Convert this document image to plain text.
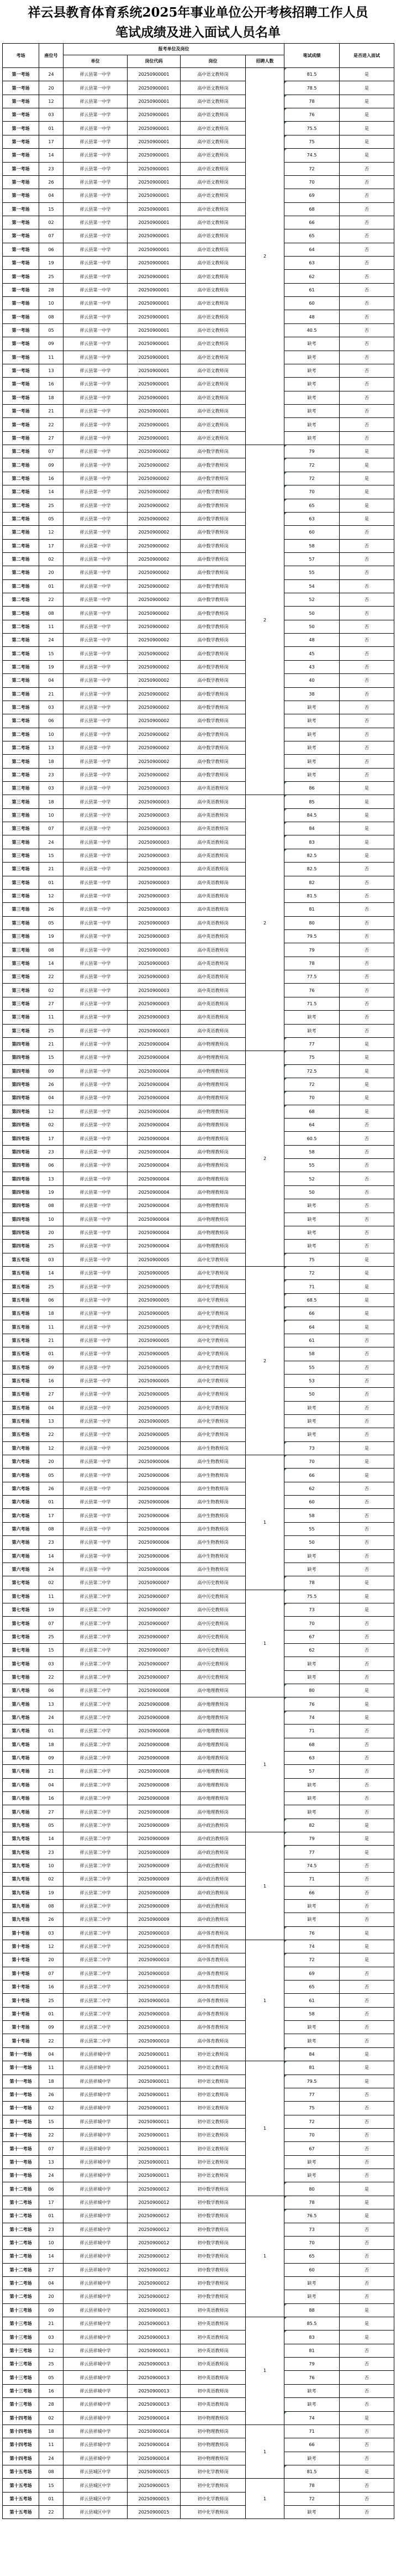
祥云县教育体育系统2025年事业单位公开考核招聘工作人员
笔试成绩及进入面试人员名单
考场	座位号	报考单位及岗位				笔试成绩	是否进入面试
		单位	岗位代码	岗位	招聘人数		
第一考场	24	祥云县第一中学	20250900001	高中语文教师岗	2	81.5	是
第一考场	20	祥云县第一中学	20250900001	高中语文教师岗		78.5	是
第一考场	12	祥云县第一中学	20250900001	高中语文教师岗		78	是
第一考场	03	祥云县第一中学	20250900001	高中语文教师岗		76	是
第一考场	01	祥云县第一中学	20250900001	高中语文教师岗		75.5	是
第一考场	17	祥云县第一中学	20250900001	高中语文教师岗		75	是
第一考场	14	祥云县第一中学	20250900001	高中语文教师岗		74.5	是
第一考场	23	祥云县第一中学	20250900001	高中语文教师岗		72	否
第一考场	26	祥云县第一中学	20250900001	高中语文教师岗		70	否
第一考场	04	祥云县第一中学	20250900001	高中语文教师岗		69	否
第一考场	15	祥云县第一中学	20250900001	高中语文教师岗		68	否
第一考场	02	祥云县第一中学	20250900001	高中语文教师岗		66	否
第一考场	07	祥云县第一中学	20250900001	高中语文教师岗		65	否
第一考场	06	祥云县第一中学	20250900001	高中语文教师岗		64	否
第一考场	19	祥云县第一中学	20250900001	高中语文教师岗		63	否
第一考场	25	祥云县第一中学	20250900001	高中语文教师岗		62	否
第一考场	28	祥云县第一中学	20250900001	高中语文教师岗		61	否
第一考场	10	祥云县第一中学	20250900001	高中语文教师岗		60	否
第一考场	08	祥云县第一中学	20250900001	高中语文教师岗		48	否
第一考场	05	祥云县第一中学	20250900001	高中语文教师岗		40.5	否
第一考场	09	祥云县第一中学	20250900001	高中语文教师岗		缺考	否
第一考场	11	祥云县第一中学	20250900001	高中语文教师岗		缺考	否
第一考场	13	祥云县第一中学	20250900001	高中语文教师岗		缺考	否
第一考场	16	祥云县第一中学	20250900001	高中语文教师岗		缺考	否
第一考场	18	祥云县第一中学	20250900001	高中语文教师岗		缺考	否
第一考场	21	祥云县第一中学	20250900001	高中语文教师岗		缺考	否
第一考场	22	祥云县第一中学	20250900001	高中语文教师岗		缺考	否
第一考场	27	祥云县第一中学	20250900001	高中语文教师岗		缺考	否
第二考场	07	祥云县第一中学	20250900002	高中数学教师岗	2	79	是
第二考场	09	祥云县第一中学	20250900002	高中数学教师岗		72	是
第二考场	16	祥云县第一中学	20250900002	高中数学教师岗		72	是
第二考场	14	祥云县第一中学	20250900002	高中数学教师岗		70	是
第二考场	25	祥云县第一中学	20250900002	高中数学教师岗		65	是
第二考场	05	祥云县第一中学	20250900002	高中数学教师岗		63	是
第二考场	12	祥云县第一中学	20250900002	高中数学教师岗		60	否
第二考场	17	祥云县第一中学	20250900002	高中数学教师岗		58	否
第二考场	02	祥云县第一中学	20250900002	高中数学教师岗		57	否
第二考场	20	祥云县第一中学	20250900002	高中数学教师岗		55	否
第二考场	01	祥云县第一中学	20250900002	高中数学教师岗		54	否
第二考场	22	祥云县第一中学	20250900002	高中数学教师岗		52	否
第二考场	08	祥云县第一中学	20250900002	高中数学教师岗		50	否
第二考场	11	祥云县第一中学	20250900002	高中数学教师岗		50	否
第二考场	24	祥云县第一中学	20250900002	高中数学教师岗		48	否
第二考场	15	祥云县第一中学	20250900002	高中数学教师岗		45	否
第二考场	19	祥云县第一中学	20250900002	高中数学教师岗		43	否
第二考场	04	祥云县第一中学	20250900002	高中数学教师岗		40	否
第二考场	21	祥云县第一中学	20250900002	高中数学教师岗		38	否
第二考场	03	祥云县第一中学	20250900002	高中数学教师岗		缺考	否
第二考场	06	祥云县第一中学	20250900002	高中数学教师岗		缺考	否
第二考场	10	祥云县第一中学	20250900002	高中数学教师岗		缺考	否
第二考场	13	祥云县第一中学	20250900002	高中数学教师岗		缺考	否
第二考场	18	祥云县第一中学	20250900002	高中数学教师岗		缺考	否
第二考场	23	祥云县第一中学	20250900002	高中数学教师岗		缺考	否
第三考场	03	祥云县第一中学	20250900003	高中英语教师岗		86	是
第三考场	18	祥云县第一中学	20250900003	高中英语教师岗	2	85	是
第三考场	10	祥云县第一中学	20250900003	高中英语教师岗		84.5	是
第三考场	07	祥云县第一中学	20250900003	高中英语教师岗		84	是
第三考场	24	祥云县第一中学	20250900003	高中英语教师岗		83	是
第三考场	15	祥云县第一中学	20250900003	高中英语教师岗		82.5	是
第三考场	21	祥云县第一中学	20250900003	高中英语教师岗		82.5	否
第三考场	01	祥云县第一中学	20250900003	高中英语教师岗		82	否
第三考场	12	祥云县第一中学	20250900003	高中英语教师岗		81.5	否
第三考场	26	祥云县第一中学	20250900003	高中英语教师岗		81	否
第三考场	05	祥云县第一中学	20250900003	高中英语教师岗		80	否
第三考场	19	祥云县第一中学	20250900003	高中英语教师岗		79.5	否
第三考场	08	祥云县第一中学	20250900003	高中英语教师岗		79	否
第三考场	14	祥云县第一中学	20250900003	高中英语教师岗		78	否
第三考场	22	祥云县第一中学	20250900003	高中英语教师岗		77.5	否
第三考场	02	祥云县第一中学	20250900003	高中英语教师岗		76	否
第三考场	27	祥云县第一中学	20250900003	高中英语教师岗		71.5	否
第三考场	11	祥云县第一中学	20250900003	高中英语教师岗		缺考	否
第三考场	25	祥云县第一中学	20250900003	高中英语教师岗		缺考	否
第四考场	21	祥云县第一中学	20250900004	高中物理教师岗		77	是
第四考场	15	祥云县第一中学	20250900004	高中物理教师岗	2	75	是
第四考场	09	祥云县第一中学	20250900004	高中物理教师岗		72.5	是
第四考场	26	祥云县第一中学	20250900004	高中物理教师岗		72	是
第四考场	04	祥云县第一中学	20250900004	高中物理教师岗		70	是
第四考场	12	祥云县第一中学	20250900004	高中物理教师岗		68	是
第四考场	02	祥云县第一中学	20250900004	高中物理教师岗		64	否
第四考场	17	祥云县第一中学	20250900004	高中物理教师岗		60.5	否
第四考场	23	祥云县第一中学	20250900004	高中物理教师岗		58	否
第四考场	06	祥云县第一中学	20250900004	高中物理教师岗		55	否
第四考场	13	祥云县第一中学	20250900004	高中物理教师岗		52	否
第四考场	19	祥云县第一中学	20250900004	高中物理教师岗		50	否
第四考场	08	祥云县第一中学	20250900004	高中物理教师岗		缺考	否
第四考场	10	祥云县第一中学	20250900004	高中物理教师岗		缺考	否
第四考场	20	祥云县第一中学	20250900004	高中物理教师岗		缺考	否
第四考场	25	祥云县第一中学	20250900004	高中物理教师岗		缺考	否
第五考场	03	祥云县第一中学	20250900005	高中化学教师岗		75	是
第五考场	14	祥云县第一中学	20250900005	高中化学教师岗	2	72	是
第五考场	25	祥云县第一中学	20250900005	高中化学教师岗		71	是
第五考场	06	祥云县第一中学	20250900005	高中化学教师岗		68.5	是
第五考场	18	祥云县第一中学	20250900005	高中化学教师岗		66	是
第五考场	11	祥云县第一中学	20250900005	高中化学教师岗		64	是
第五考场	21	祥云县第一中学	20250900005	高中化学教师岗		61	否
第五考场	01	祥云县第一中学	20250900005	高中化学教师岗		58	否
第五考场	09	祥云县第一中学	20250900005	高中化学教师岗		55	否
第五考场	16	祥云县第一中学	20250900005	高中化学教师岗		53	否
第五考场	27	祥云县第一中学	20250900005	高中化学教师岗		50	否
第五考场	04	祥云县第一中学	20250900005	高中化学教师岗		缺考	否
第五考场	13	祥云县第一中学	20250900005	高中化学教师岗		缺考	否
第五考场	22	祥云县第一中学	20250900005	高中化学教师岗		缺考	否
第六考场	12	祥云县第一中学	20250900006	高中生物教师岗		73	是
第六考场	20	祥云县第一中学	20250900006	高中生物教师岗	1	70	是
第六考场	05	祥云县第一中学	20250900006	高中生物教师岗		66	是
第六考场	26	祥云县第一中学	20250900006	高中生物教师岗		62	否
第六考场	01	祥云县第一中学	20250900006	高中生物教师岗		60	否
第六考场	17	祥云县第一中学	20250900006	高中生物教师岗		58	否
第六考场	08	祥云县第一中学	20250900006	高中生物教师岗		55	否
第六考场	23	祥云县第一中学	20250900006	高中生物教师岗		50	否
第六考场	14	祥云县第一中学	20250900006	高中生物教师岗		缺考	否
第六考场	24	祥云县第一中学	20250900006	高中生物教师岗		缺考	否
第七考场	02	祥云县第二中学	20250900007	高中历史教师岗		78	是
第七考场	11	祥云县第二中学	20250900007	高中历史教师岗	1	75.5	是
第七考场	19	祥云县第二中学	20250900007	高中历史教师岗		73	是
第七考场	07	祥云县第二中学	20250900007	高中历史教师岗		70	否
第七考场	25	祥云县第二中学	20250900007	高中历史教师岗		67	否
第七考场	15	祥云县第二中学	20250900007	高中历史教师岗		62	否
第七考场	03	祥云县第二中学	20250900007	高中历史教师岗		缺考	否
第七考场	22	祥云县第二中学	20250900007	高中历史教师岗		缺考	否
第八考场	06	祥云县第二中学	20250900008	高中地理教师岗		80	是
第八考场	13	祥云县第二中学	20250900008	高中地理教师岗	1	76	是
第八考场	24	祥云县第二中学	20250900008	高中地理教师岗		74	是
第八考场	01	祥云县第二中学	20250900008	高中地理教师岗		71	否
第八考场	18	祥云县第二中学	20250900008	高中地理教师岗		68	否
第八考场	09	祥云县第二中学	20250900008	高中地理教师岗		63	否
第八考场	21	祥云县第二中学	20250900008	高中地理教师岗		57	否
第八考场	04	祥云县第二中学	20250900008	高中地理教师岗		缺考	否
第八考场	16	祥云县第二中学	20250900008	高中地理教师岗		缺考	否
第八考场	27	祥云县第二中学	20250900008	高中地理教师岗		缺考	否
第九考场	05	祥云县第二中学	20250900009	高中政治教师岗		82	是
第九考场	14	祥云县第二中学	20250900009	高中政治教师岗	1	79	是
第九考场	23	祥云县第二中学	20250900009	高中政治教师岗		77	是
第九考场	10	祥云县第二中学	20250900009	高中政治教师岗		74.5	否
第九考场	02	祥云县第二中学	20250900009	高中政治教师岗		71	否
第九考场	19	祥云县第二中学	20250900009	高中政治教师岗		66	否
第九考场	08	祥云县第二中学	20250900009	高中政治教师岗		缺考	否
第九考场	26	祥云县第二中学	20250900009	高中政治教师岗		缺考	否
第十考场	03	祥云县第二中学	20250900010	高中体育教师岗		76	是
第十考场	12	祥云县第二中学	20250900010	高中体育教师岗	1	74	是
第十考场	20	祥云县第二中学	20250900010	高中体育教师岗		72	是
第十考场	07	祥云县第二中学	20250900010	高中体育教师岗		69	否
第十考场	16	祥云县第二中学	20250900010	高中体育教师岗		65	否
第十考场	25	祥云县第二中学	20250900010	高中体育教师岗		61	否
第十考场	01	祥云县第二中学	20250900010	高中体育教师岗		58	否
第十考场	09	祥云县第二中学	20250900010	高中体育教师岗		缺考	否
第十考场	22	祥云县第二中学	20250900010	高中体育教师岗		缺考	否
第十一考场	04	祥云县祥城中学	20250900011	初中语文教师岗		84	是
第十一考场	11	祥云县祥城中学	20250900011	初中语文教师岗	1	81	是
第十一考场	18	祥云县祥城中学	20250900011	初中语文教师岗		79.5	是
第十一考场	26	祥云县祥城中学	20250900011	初中语文教师岗		77	否
第十一考场	02	祥云县祥城中学	20250900011	初中语文教师岗		75	否
第十一考场	15	祥云县祥城中学	20250900011	初中语文教师岗		72	否
第十一考场	22	祥云县祥城中学	20250900011	初中语文教师岗		70	否
第十一考场	07	祥云县祥城中学	20250900011	初中语文教师岗		67	否
第十一考场	13	祥云县祥城中学	20250900011	初中语文教师岗		缺考	否
第十一考场	24	祥云县祥城中学	20250900011	初中语文教师岗		缺考	否
第十二考场	06	祥云县祥城中学	20250900012	初中数学教师岗		80	是
第十二考场	17	祥云县祥城中学	20250900012	初中数学教师岗	1	78	是
第十二考场	01	祥云县祥城中学	20250900012	初中数学教师岗		76.5	是
第十二考场	23	祥云县祥城中学	20250900012	初中数学教师岗		73	否
第十二考场	10	祥云县祥城中学	20250900012	初中数学教师岗		70	否
第十二考场	14	祥云县祥城中学	20250900012	初中数学教师岗		65	否
第十二考场	27	祥云县祥城中学	20250900012	初中数学教师岗		60	否
第十二考场	04	祥云县祥城中学	20250900012	初中数学教师岗		缺考	否
第十二考场	20	祥云县祥城中学	20250900012	初中数学教师岗		缺考	否
第十三考场	09	祥云县祥城中学	20250900013	初中英语教师岗		88	是
第十三考场	21	祥云县祥城中学	20250900013	初中英语教师岗	1	85.5	是
第十三考场	03	祥云县祥城中学	20250900013	初中英语教师岗		83	是
第十三考场	12	祥云县祥城中学	20250900013	初中英语教师岗		81	否
第十三考场	25	祥云县祥城中学	20250900013	初中英语教师岗		79	否
第十三考场	05	祥云县祥城中学	20250900013	初中英语教师岗		76	否
第十三考场	16	祥云县祥城中学	20250900013	初中英语教师岗		缺考	否
第十三考场	28	祥云县祥城中学	20250900013	初中英语教师岗		缺考	否
第十四考场	02	祥云县祥城中学	20250900014	初中物理教师岗		74	是
第十四考场	18	祥云县祥城中学	20250900014	初中物理教师岗	1	71	否
第十四考场	11	祥云县祥城中学	20250900014	初中物理教师岗		66	否
第十四考场	24	祥云县祥城中学	20250900014	初中物理教师岗		缺考	否
第十五考场	08	祥云县城区中学	20250900015	初中化学教师岗		81.5	是
第十五考场	15	祥云县城区中学	20250900015	初中化学教师岗	1	78	否
第十五考场	01	祥云县城区中学	20250900015	初中化学教师岗		72	否
第十五考场	22	祥云县城区中学	20250900015	初中化学教师岗		缺考	否
